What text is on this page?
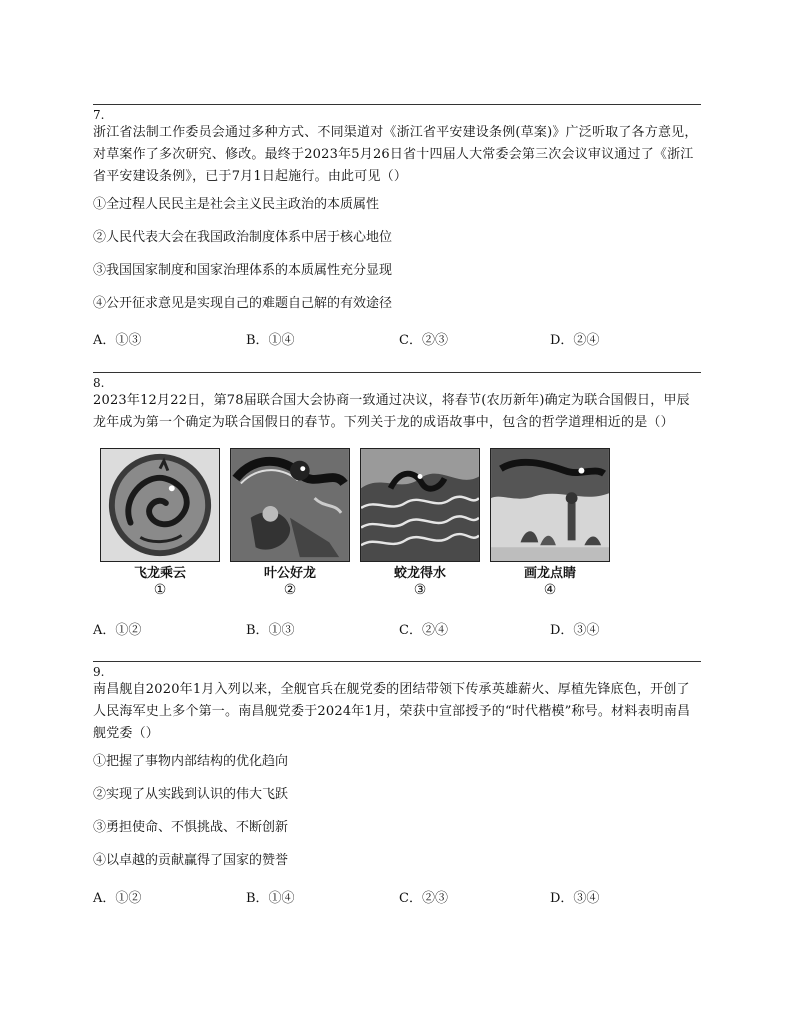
7.

浙江省法制工作委员会通过多种方式、不同渠道对《浙江省平安建设条例(草案)》广泛听取了各方意见，对草案作了多次研究、修改。最终于2023年5月26日省十四届人大常委会第三次会议审议通过了《浙江省平安建设条例》，已于7月1日起施行。由此可见（）

①全过程人民民主是社会主义民主政治的本质属性
②人民代表大会在我国政治制度体系中居于核心地位
③我国国家制度和国家治理体系的本质属性充分显现
④公开征求意见是实现自己的难题自己解的有效途径
A．①③	B．①④	C．②③	D．②④

8.

2023年12月22日，第78届联合国大会协商一致通过决议，将春节(农历新年)确定为联合国假日，甲辰龙年成为第一个确定为联合国假日的春节。下列关于龙的成语故事中，包含的哲学道理相近的是（）

飞龙乘云
①
叶公好龙
②
蛟龙得水
③
画龙点睛
④
A．①②	B．①③	C．②④	D．③④

9.

南昌舰自2020年1月入列以来，全舰官兵在舰党委的团结带领下传承英雄薪火、厚植先锋底色，开创了人民海军史上多个第一。南昌舰党委于2024年1月，荣获中宣部授予的“时代楷模”称号。材料表明南昌舰党委（）

①把握了事物内部结构的优化趋向
②实现了从实践到认识的伟大飞跃
③勇担使命、不惧挑战、不断创新
④以卓越的贡献赢得了国家的赞誉
A．①②	B．①④	C．②③	D．③④
